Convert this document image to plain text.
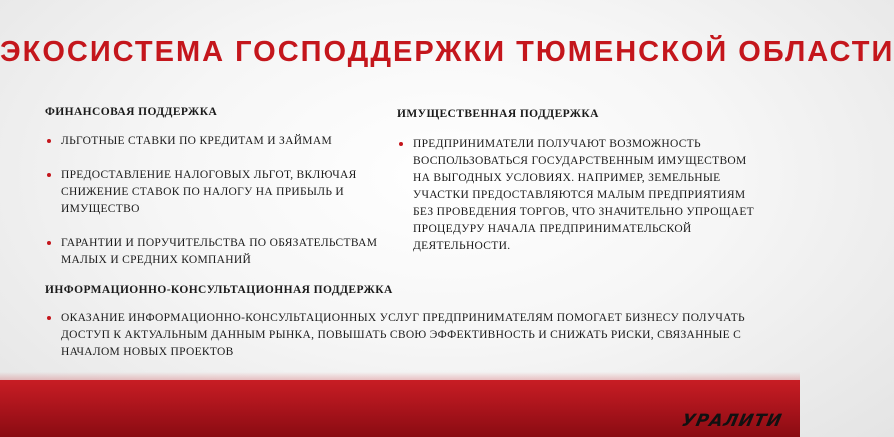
ЭКОСИСТЕМА ГОСПОДДЕРЖКИ ТЮМЕНСКОЙ ОБЛАСТИ
ФИНАНСОВАЯ ПОДДЕРЖКА
ЛЬГОТНЫЕ СТАВКИ ПО КРЕДИТАМ И ЗАЙМАМ
ПРЕДОСТАВЛЕНИЕ НАЛОГОВЫХ ЛЬГОТ, ВКЛЮЧАЯ СНИЖЕНИЕ СТАВОК ПО НАЛОГУ НА ПРИБЫЛЬ И ИМУЩЕСТВО
ГАРАНТИИ И ПОРУЧИТЕЛЬСТВА ПО ОБЯЗАТЕЛЬСТВАМ МАЛЫХ И СРЕДНИХ КОМПАНИЙ
ИМУЩЕСТВЕННАЯ ПОДДЕРЖКА
ПРЕДПРИНИМАТЕЛИ ПОЛУЧАЮТ ВОЗМОЖНОСТЬ ВОСПОЛЬЗОВАТЬСЯ ГОСУДАРСТВЕННЫМ ИМУЩЕСТВОМ НА ВЫГОДНЫХ УСЛОВИЯХ. НАПРИМЕР, ЗЕМЕЛЬНЫЕ УЧАСТКИ ПРЕДОСТАВЛЯЮТСЯ МАЛЫМ ПРЕДПРИЯТИЯМ БЕЗ ПРОВЕДЕНИЯ ТОРГОВ, ЧТО ЗНАЧИТЕЛЬНО УПРОЩАЕТ ПРОЦЕДУРУ НАЧАЛА ПРЕДПРИНИМАТЕЛЬСКОЙ ДЕЯТЕЛЬНОСТИ.
ИНФОРМАЦИОННО-КОНСУЛЬТАЦИОННАЯ ПОДДЕРЖКА
ОКАЗАНИЕ ИНФОРМАЦИОННО-КОНСУЛЬТАЦИОННЫХ УСЛУГ ПРЕДПРИНИМАТЕЛЯМ ПОМОГАЕТ БИЗНЕСУ ПОЛУЧАТЬ ДОСТУП К АКТУАЛЬНЫМ ДАННЫМ РЫНКА, ПОВЫШАТЬ СВОЮ ЭФФЕКТИВНОСТЬ И СНИЖАТЬ РИСКИ, СВЯЗАННЫЕ С НАЧАЛОМ НОВЫХ ПРОЕКТОВ
УРАЛИТИ
